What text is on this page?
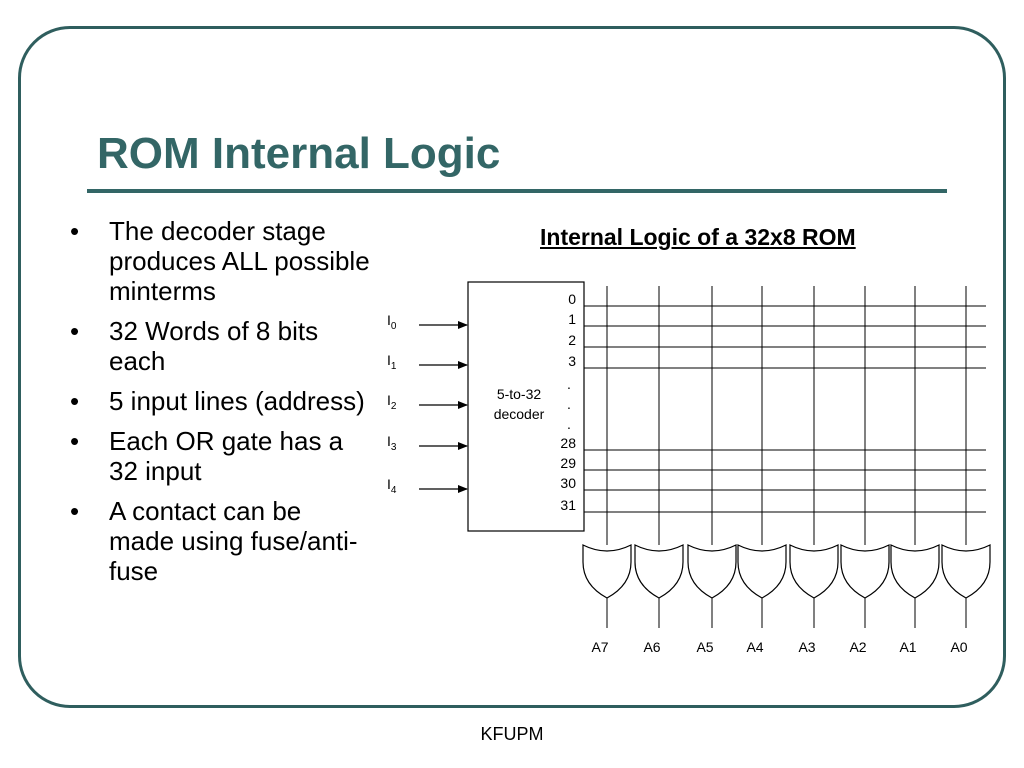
ROM Internal Logic
• The decoder stage produces ALL possible minterms
• 32 Words of 8 bits each
• 5 input lines (address)
• Each OR gate has a 32 input
• A contact can be made using fuse/anti-fuse
Internal Logic of a 32x8 ROM
5-to-32
decoder
$I_0$
$I_1$
$I_2$
$I_3$
$I_4$
0
1
2
3
28
29
30
31
.
.
.
A7 A6	A5 A4 A3 A2 A1 A0
KFUPM
